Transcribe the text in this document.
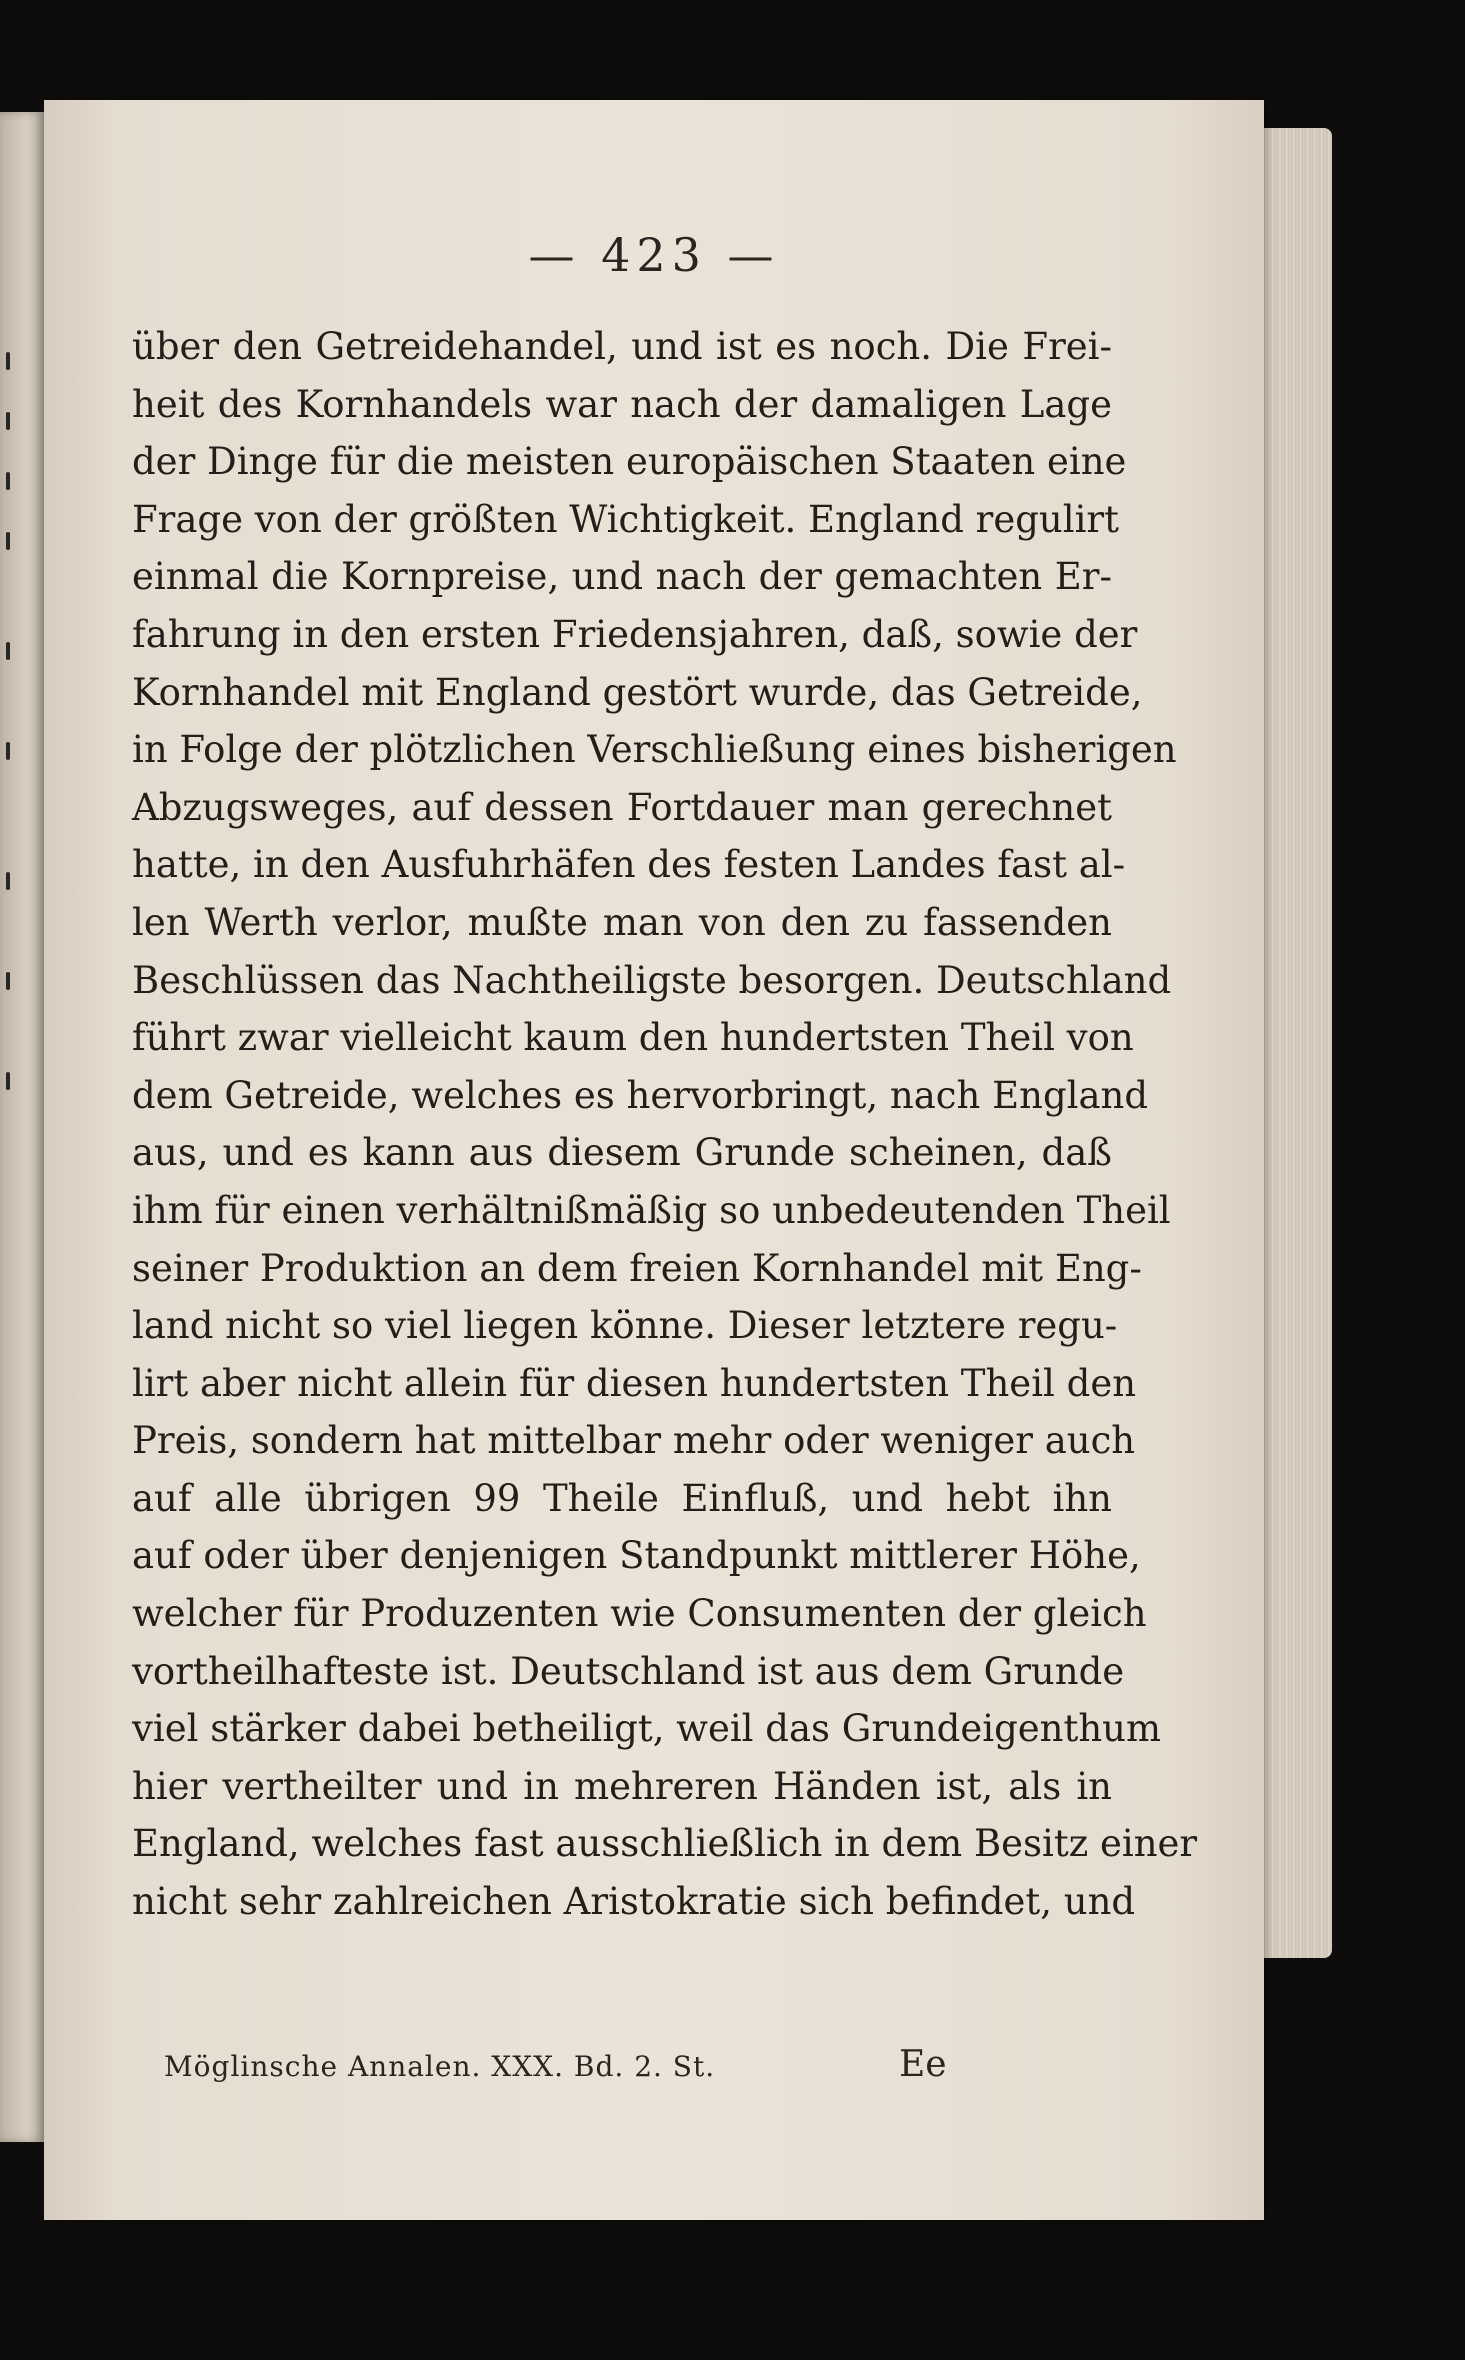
— 423 —
über den Getreidehandel, und ist es noch. Die Frei-
heit des Kornhandels war nach der damaligen Lage
der Dinge für die meisten europäischen Staaten eine
Frage von der größten Wichtigkeit. England regulirt
einmal die Kornpreise, und nach der gemachten Er-
fahrung in den ersten Friedensjahren, daß, sowie der
Kornhandel mit England gestört wurde, das Getreide,
in Folge der plötzlichen Verschließung eines bisherigen
Abzugsweges, auf dessen Fortdauer man gerechnet
hatte, in den Ausfuhrhäfen des festen Landes fast al-
len Werth verlor, mußte man von den zu fassenden
Beschlüssen das Nachtheiligste besorgen. Deutschland
führt zwar vielleicht kaum den hundertsten Theil von
dem Getreide, welches es hervorbringt, nach England
aus, und es kann aus diesem Grunde scheinen, daß
ihm für einen verhältnißmäßig so unbedeutenden Theil
seiner Produktion an dem freien Kornhandel mit Eng-
land nicht so viel liegen könne. Dieser letztere regu-
lirt aber nicht allein für diesen hundertsten Theil den
Preis, sondern hat mittelbar mehr oder weniger auch
auf alle übrigen 99 Theile Einfluß, und hebt ihn
auf oder über denjenigen Standpunkt mittlerer Höhe,
welcher für Produzenten wie Consumenten der gleich
vortheilhafteste ist. Deutschland ist aus dem Grunde
viel stärker dabei betheiligt, weil das Grundeigenthum
hier vertheilter und in mehreren Händen ist, als in
England, welches fast ausschließlich in dem Besitz einer
nicht sehr zahlreichen Aristokratie sich befindet, und
Möglinsche Annalen. XXX. Bd. 2. St.	Ee
